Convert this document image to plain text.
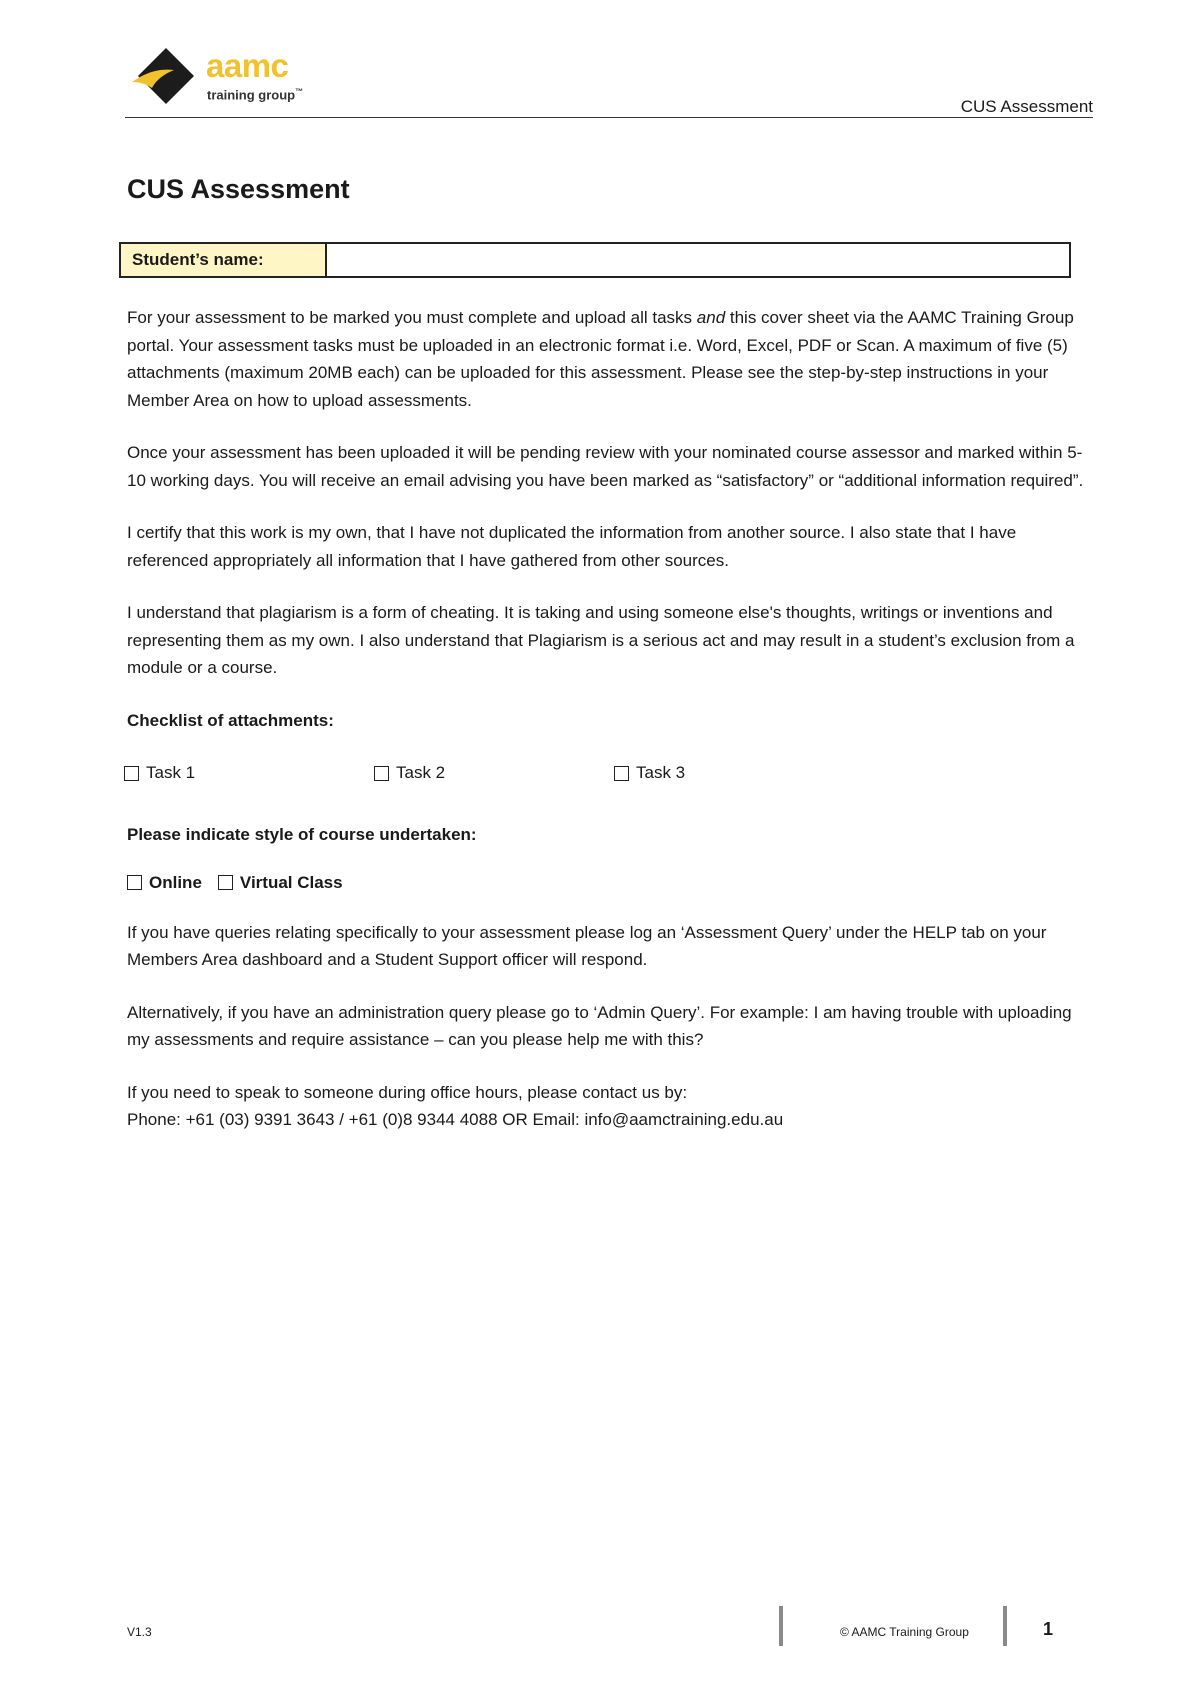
aamc
training group™
CUS Assessment
CUS Assessment
Student’s name:

For your assessment to be marked you must complete and upload all tasks and this cover sheet via the AAMC Training Group portal. Your assessment tasks must be uploaded in an electronic format i.e. Word, Excel, PDF or Scan. A maximum of five (5) attachments (maximum 20MB each) can be uploaded for this assessment. Please see the step-by-step instructions in your Member Area on how to upload assessments.

Once your assessment has been uploaded it will be pending review with your nominated course assessor and marked within 5-10 working days. You will receive an email advising you have been marked as “satisfactory” or “additional information required”.

I certify that this work is my own, that I have not duplicated the information from another source. I also state that I have referenced appropriately all information that I have gathered from other sources.

I understand that plagiarism is a form of cheating. It is taking and using someone else's thoughts, writings or inventions and representing them as my own. I also understand that Plagiarism is a serious act and may result in a student’s exclusion from a module or a course.

Checklist of attachments:

Task 1	Task 2	Task 3

Please indicate style of course undertaken:

Online Virtual Class

If you have queries relating specifically to your assessment please log an ‘Assessment Query’ under the HELP tab on your Members Area dashboard and a Student Support officer will respond.

Alternatively, if you have an administration query please go to ‘Admin Query’. For example: I am having trouble with uploading my assessments and require assistance – can you please help me with this?

If you need to speak to someone during office hours, please contact us by:

Phone: +61 (03) 9391 3643 / +61 (0)8 9344 4088 OR Email: info@aamctraining.edu.au

V1.3	© AAMC Training Group	1
